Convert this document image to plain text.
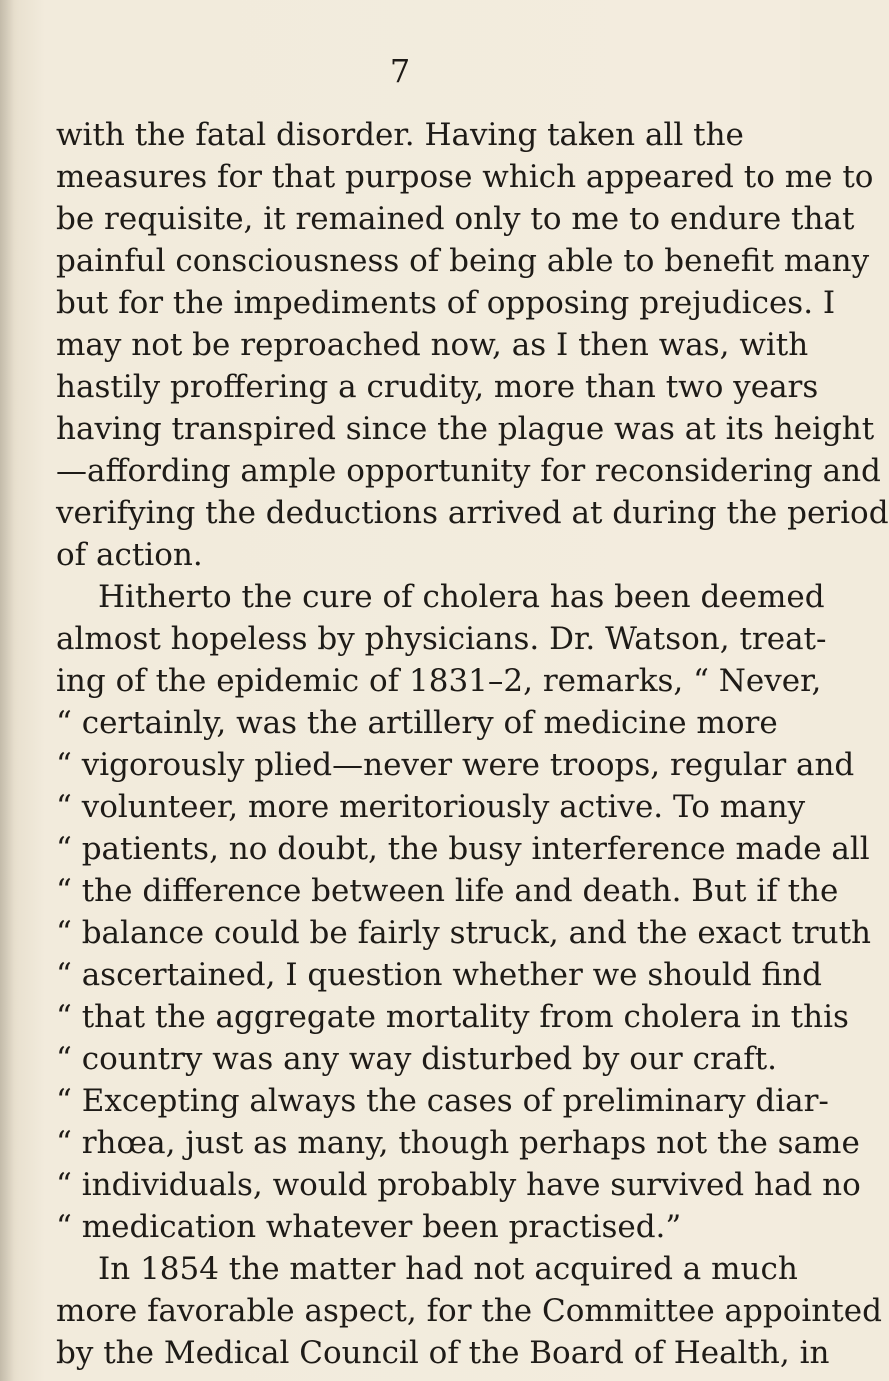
7
with the fatal disorder. Having taken all the
measures for that purpose which appeared to me to
be requisite, it remained only to me to endure that
painful consciousness of being able to benefit many
but for the impediments of opposing prejudices. I
may not be reproached now, as I then was, with
hastily proffering a crudity, more than two years
having transpired since the plague was at its height
—affording ample opportunity for reconsidering and
verifying the deductions arrived at during the period
of action.
Hitherto the cure of cholera has been deemed
almost hopeless by physicians. Dr. Watson, treat-
ing of the epidemic of 1831–2, remarks, “ Never,
“ certainly, was the artillery of medicine more
“ vigorously plied—never were troops, regular and
“ volunteer, more meritoriously active. To many
“ patients, no doubt, the busy interference made all
“ the difference between life and death. But if the
“ balance could be fairly struck, and the exact truth
“ ascertained, I question whether we should find
“ that the aggregate mortality from cholera in this
“ country was any way disturbed by our craft.
“ Excepting always the cases of preliminary diar-
“ rhœa, just as many, though perhaps not the same
“ individuals, would probably have survived had no
“ medication whatever been practised.”
In 1854 the matter had not acquired a much
more favorable aspect, for the Committee appointed
by the Medical Council of the Board of Health, in
